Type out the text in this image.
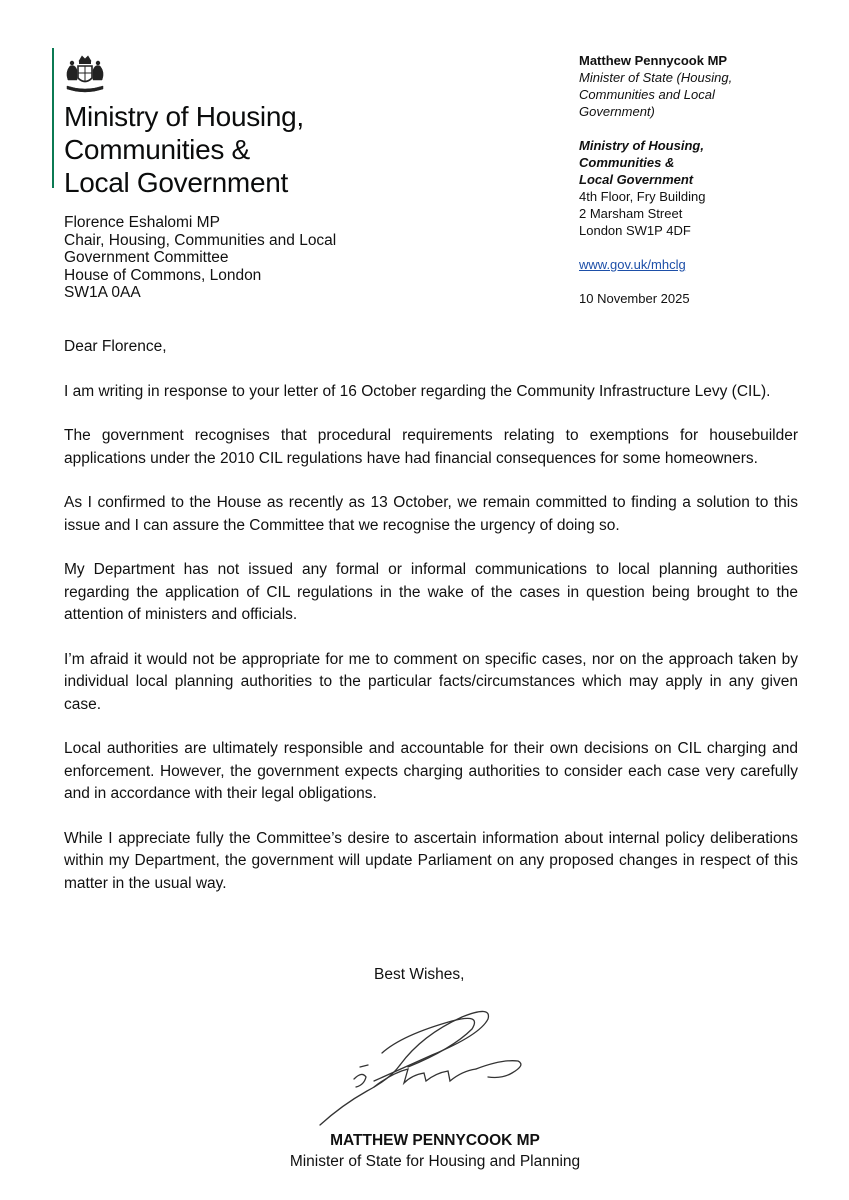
Ministry of Housing,
Communities &
Local Government
Matthew Pennycook MP
Minister of State (Housing,
Communities and Local
Government)
Ministry of Housing,
Communities &
Local Government
4th Floor, Fry Building
2 Marsham Street
London SW1P 4DF
www.gov.uk/mhclg
10 November 2025
Florence Eshalomi MP
Chair, Housing, Communities and Local
Government Committee
House of Commons, London
SW1A 0AA

Dear Florence,

I am writing in response to your letter of 16 October regarding the Community Infrastructure Levy (CIL).

The government recognises that procedural requirements relating to exemptions for housebuilder applications under the 2010 CIL regulations have had financial consequences for some homeowners.

As I confirmed to the House as recently as 13 October, we remain committed to finding a solution to this issue and I can assure the Committee that we recognise the urgency of doing so.

My Department has not issued any formal or informal communications to local planning authorities regarding the application of CIL regulations in the wake of the cases in question being brought to the attention of ministers and officials.

I’m afraid it would not be appropriate for me to comment on specific cases, nor on the approach taken by individual local planning authorities to the particular facts/circumstances which may apply in any given case.

Local authorities are ultimately responsible and accountable for their own decisions on CIL charging and enforcement. However, the government expects charging authorities to consider each case very carefully and in accordance with their legal obligations.

While I appreciate fully the Committee’s desire to ascertain information about internal policy deliberations within my Department, the government will update Parliament on any proposed changes in respect of this matter in the usual way.

Best Wishes,
MATTHEW PENNYCOOK MP
Minister of State for Housing and Planning
